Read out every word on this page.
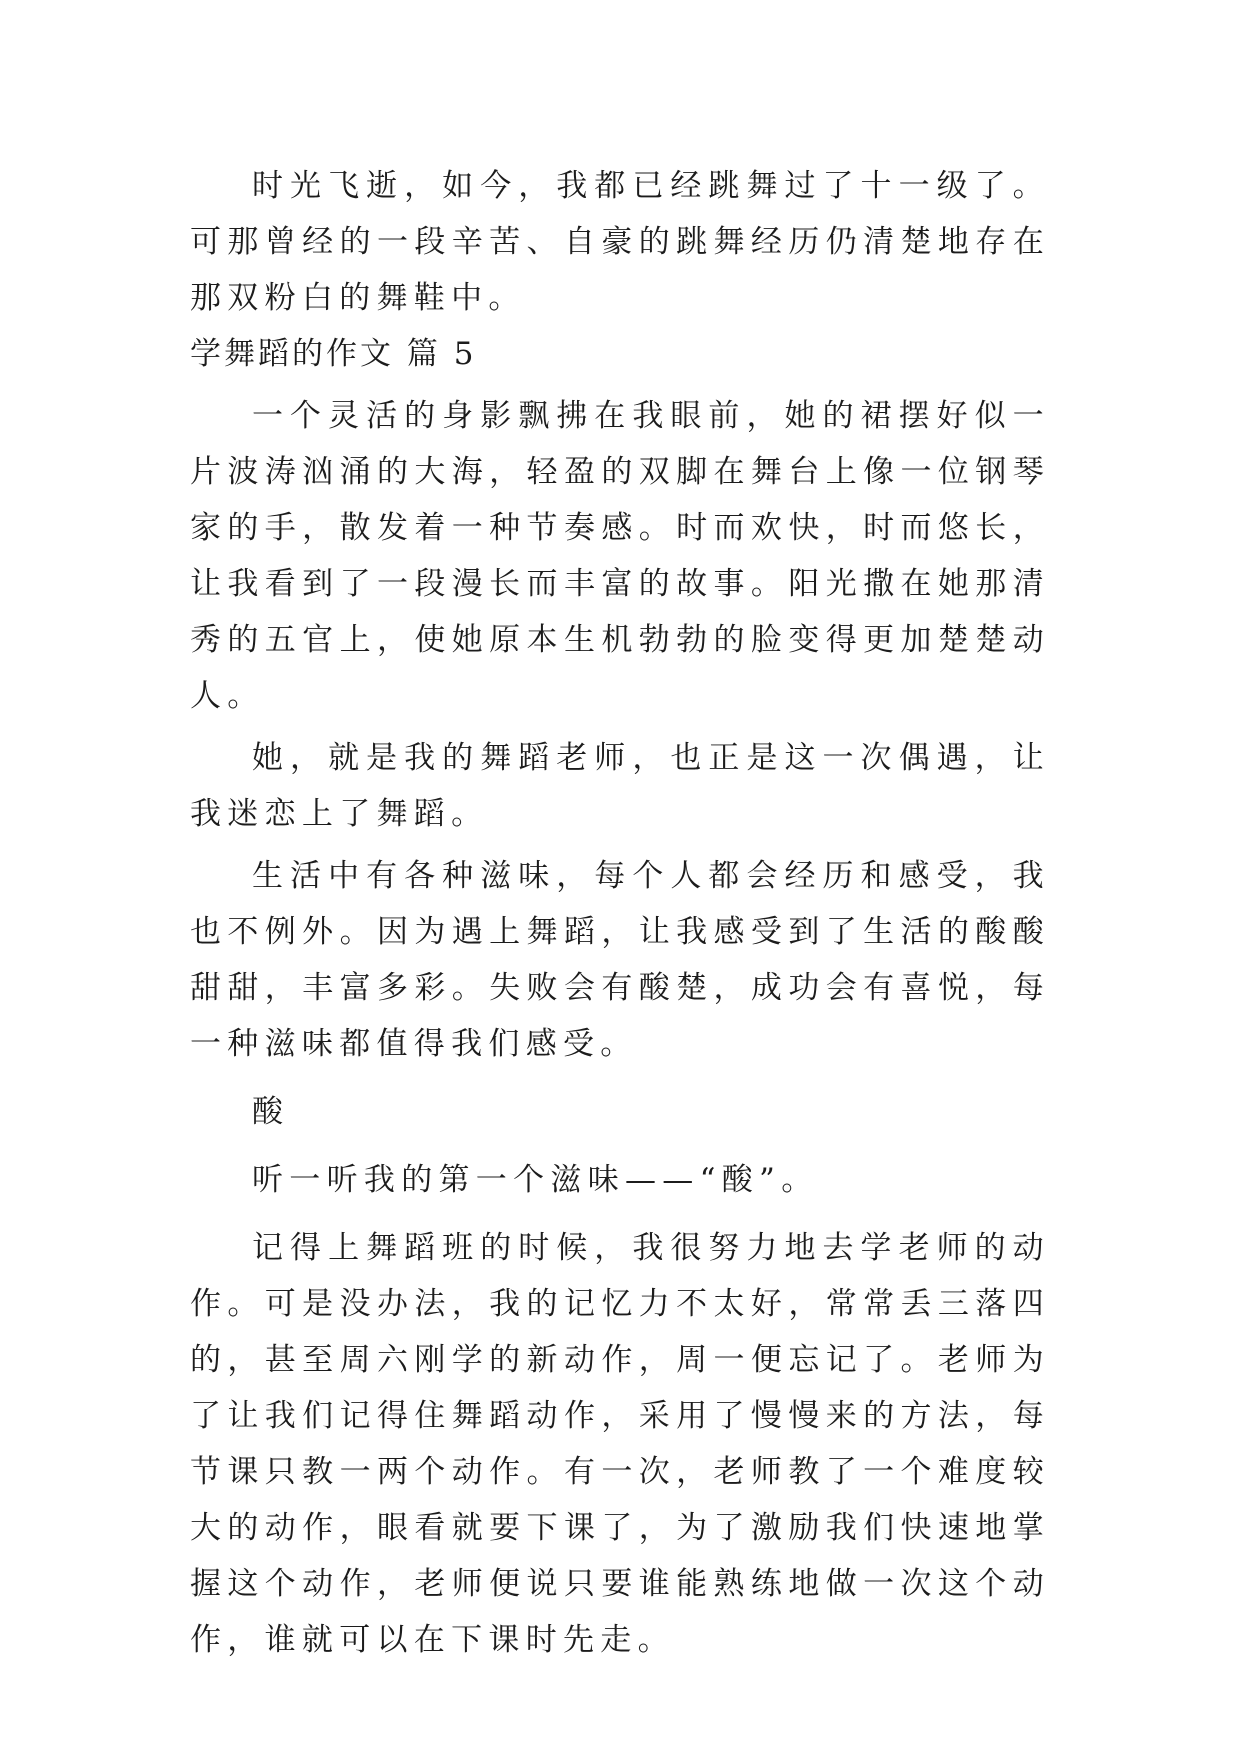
时光飞逝，如今，我都已经跳舞过了十一级了。可那曾经的一段辛苦、自豪的跳舞经历仍清楚地存在那双粉白的舞鞋中。

学舞蹈的作文 篇 5

一个灵活的身影飘拂在我眼前，她的裙摆好似一片波涛汹涌的大海，轻盈的双脚在舞台上像一位钢琴家的手，散发着一种节奏感。时而欢快，时而悠长，让我看到了一段漫长而丰富的故事。阳光撒在她那清秀的五官上，使她原本生机勃勃的脸变得更加楚楚动人。

她，就是我的舞蹈老师，也正是这一次偶遇，让我迷恋上了舞蹈。

生活中有各种滋味，每个人都会经历和感受，我也不例外。因为遇上舞蹈，让我感受到了生活的酸酸甜甜，丰富多彩。失败会有酸楚，成功会有喜悦，每一种滋味都值得我们感受。

酸

听一听我的第一个滋味——“酸”。

记得上舞蹈班的时候，我很努力地去学老师的动作。可是没办法，我的记忆力不太好，常常丢三落四的，甚至周六刚学的新动作，周一便忘记了。老师为了让我们记得住舞蹈动作，采用了慢慢来的方法，每节课只教一两个动作。有一次，老师教了一个难度较大的动作，眼看就要下课了，为了激励我们快速地掌握这个动作，老师便说只要谁能熟练地做一次这个动作，谁就可以在下课时先走。
